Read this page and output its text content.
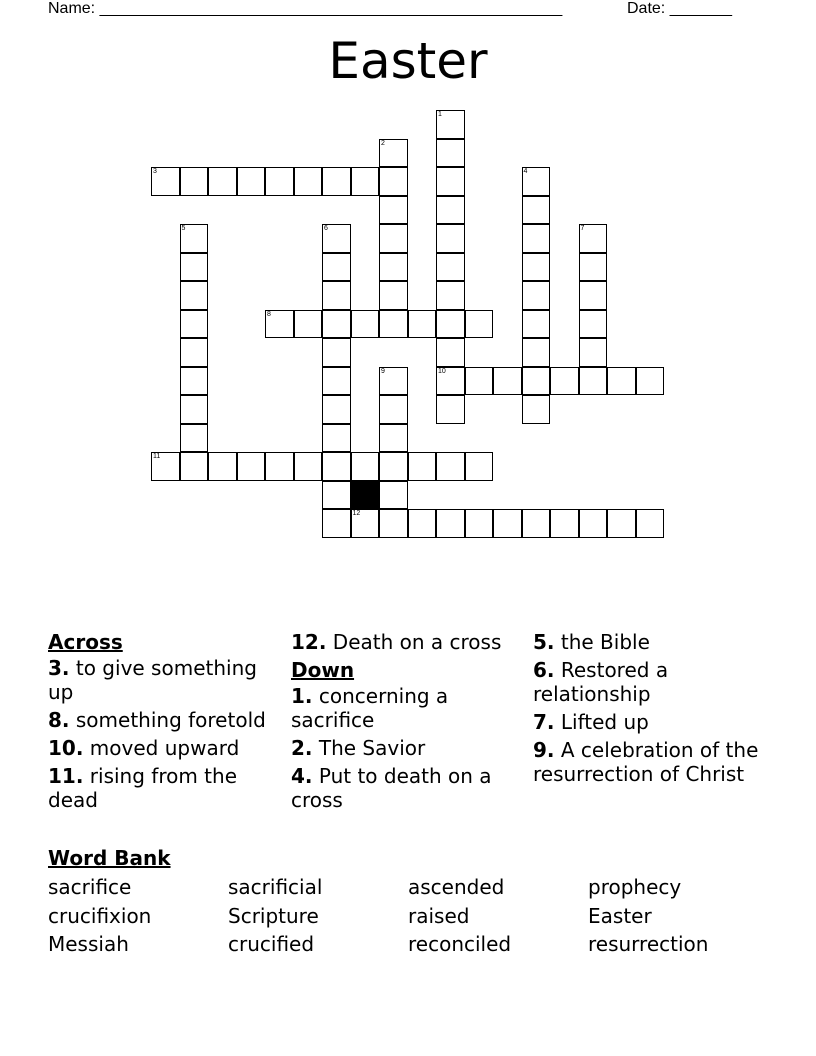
Name: ____________________________________________________	Date: _______
Easter
1
10
2
3	4
5	6	7
8
9
11
12
Across
3. to give something up
8. something foretold
10. moved upward
11. rising from the dead
12. Death on a cross
Down
1. concerning a sacrifice
2. The Savior
4. Put to death on a cross
5. the Bible
6. Restored a relationship
7. Lifted up
9. A celebration of the resurrection of Christ
Word Bank
sacrifice	sacrificial	ascended	prophecy
crucifixion	Scripture	raised	Easter
Messiah	crucified	reconciled	resurrection
